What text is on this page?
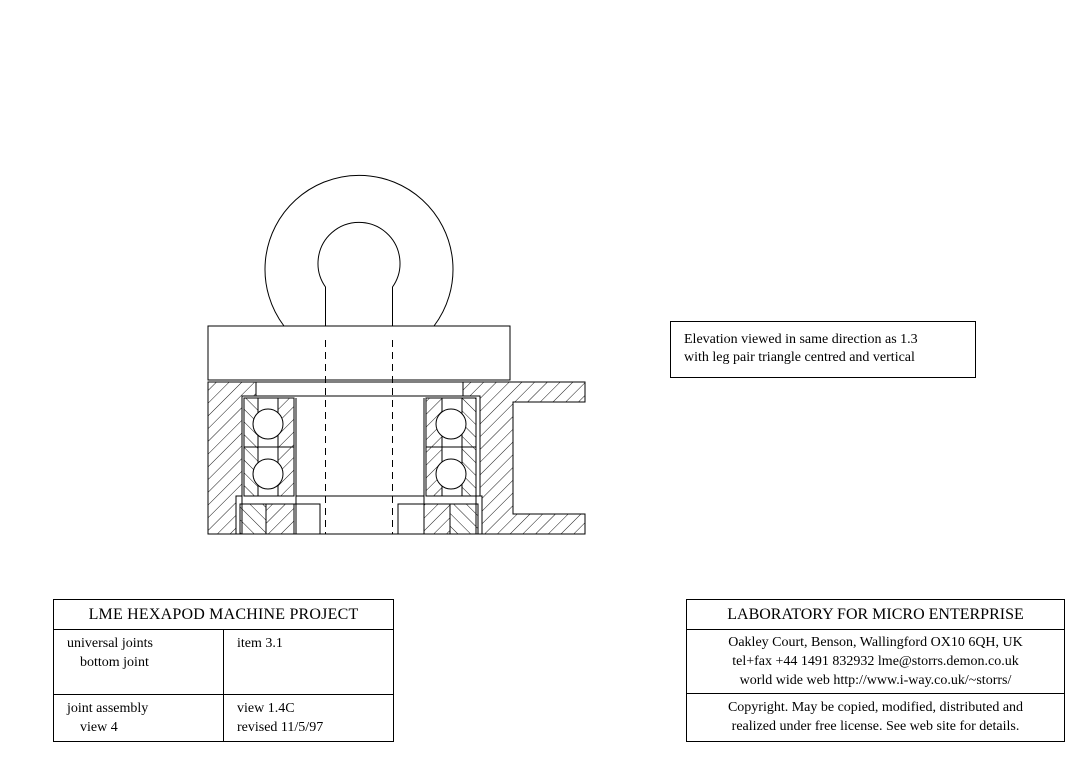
Elevation viewed in same direction as 1.3
with leg pair triangle centred and vertical
LME HEXAPOD MACHINE PROJECT
universal joints
bottom joint
item 3.1
joint assembly
view 4
view 1.4C
revised 11/5/97
LABORATORY FOR MICRO ENTERPRISE
Oakley Court, Benson, Wallingford OX10 6QH, UK
tel+fax +44 1491 832932 lme@storrs.demon.co.uk
world wide web http://www.i-way.co.uk/~storrs/
Copyright. May be copied, modified, distributed and
realized under free license. See web site for details.
